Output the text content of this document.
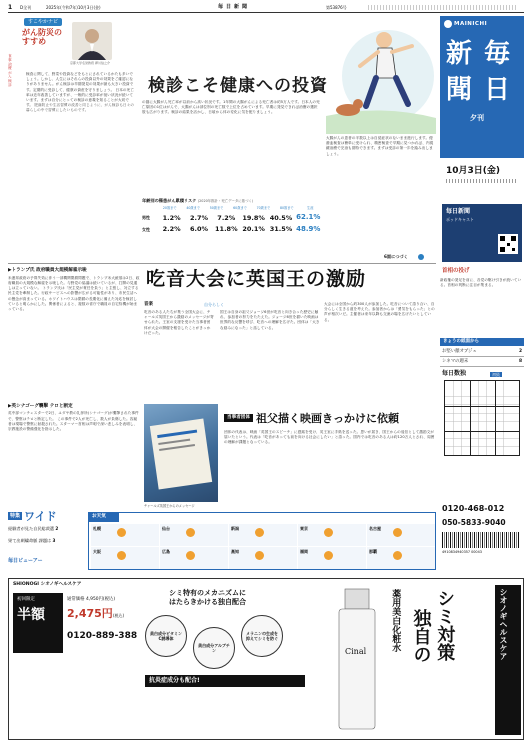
1 D全刊	2025年(令和7年)10月3日(金)	毎日新聞	第53876号
食事 治療 がん 検診
すこやかナビ
がん防災のすすめ
京都大学名誉教授 押川信之介
検査に関して、野菜や投資などをもとにされているかたも多いでしょう。しかし、人生にはそれらの投資以外の効果をご確認になりがありません。がん検診は早期発見の効果が最も大きい投資です。定期的に受診して、健康の資産を守りましょう。 日本の死亡率は近年改善していますが、一般的に受診率が低い状況が続いています。まずは自分にとっての検診の意義を知ることが大切です。 肥満防止や生活習慣の改善と同じように、がん検診も日々の暮らしの中で習慣にしたいものです。
検診こそ健康への投資
の割に大腸がん死亡率が以前から高い状況です。1年間の大腸がんによる死亡者は約5万人です。日本人の死亡原因の1位はがんで、大腸がんは部位別の死亡数で上位を占めています。早期に発見できれば治療の選択肢も広がります。検診の結果を活かし、日頃から体の変化に気を配りましょう。
大腸がんの患者の半数以上は自覚症状のないまま進行します。便潜血検査は簡単に受けられ、精密検査で早期に見つかれば、内視鏡治療で完治も期待できます。まずは受診の第一歩を踏み出しましょう。
年齢別の罹患がん累積リスク (2020年推計・死亡データに基づく)
20歳まで	40歳まで	50歳まで	60歳まで	70歳まで	80歳まで	生涯
男性	1.2%	2.7%	7.2%	19.8% 40.5% 62.1%
女性	2.2%	6.0%	11.8% 20.1% 31.5% 48.9%
6面につづく
MAINICHI
新 毎
聞 日
夕刊
10月3日(金)
毎日新聞
ポッドキャスト
▶トランプ氏 政府職員大規模解雇示唆
米連邦政府の予算失効に伴う一部機関閉鎖問題で、トランプ米大統領は2日、政府職員の大規模な解雇を示唆した。与野党の協議は続いているが、打開の見通しは立っていない。 トランプ氏は「民主党が責任を負う」と主張し、対立する民主党を牽制した。行政サービスへの影響が広がる可能性があり、市民生活への懸念が高まっている。ホワイトハウスは閉鎖の長期化に備えた対応を検討していると明らかにした。関係者によると、複数の省庁で職員の自宅待機が始まっている。
▶英シナゴーグ襲撃 テロと断定
英中部マンチェスターで2日、ユダヤ教の礼拝所(シナゴーグ)が襲撃された事件で、警察はテロと断定した。 この事件で2人が死亡し、数人が負傷した。容疑者は現場で警察に射殺された。スターマー首相は声明で深い悲しみを表明し、宗教施設の警備強化を指示した。
吃音大会に英国王の激励
音楽
吃音のある人たちが集う全国大会に、チャールズ英国王から激励のメッセージが寄せられた。王室の支援を受けた当事者団体が大会の開催を報告したことがきっかけだった。
チャールズ英国王からのメッセージ
国王は自身の祖父ジョージ6世が吃音と向き合った歴史に触れ、参加者の努力をたたえた。ジョージ6世を描いた映画は世界的な反響を呼び、吃音への理解を広げた。団体は「大きな励みになった」と話している。
自分らしく	大会には全国から約300人が参加した。吃音について語り合い、自分らしく生きる道を考えた。参加者からは「勇気をもらった」との声が相次いだ。主催者は来年以降も交流の場を広げたいとしている。
当事者団体 祖父描く映画きっかけに依頼
団体の代表は、映画「英国王のスピーチ」に感銘を受け、英王室に手紙を送った。思いが届き、国王からの返信として激励文が届いたという。代表は「吃音があっても前を向ける社会にしたい」と語った。国内では吃音のある人は約120万人とされ、周囲の理解が課題となっている。
首相の投げ
新政権の発足を前に、各党の駆け引きが続いている。首相の判断に注目が集まる。
きょうの紙面から
お堅い顔オブジェ	2
シネマの週末	8
毎日数独	初級
0120-468-012
050-5833-9040
4910834940357 00043
お天気
札幌	仙台	新潟	東京	名古屋
大阪	広島	高知	福岡	那覇
特集 ワイド
経験者が見た自民総裁選 2
果て出刺繍命脈 課題は 3
毎日ビューアー
SHIONOGI シオノギヘルスケア
初回限定
半額
通常価格 4,950円(税込)
2,475円 (税込)
0120-889-388
シミ特有のメカニズムに
はたらきかける独自配合
美白成分ビタミンC誘導体
美白成分アルブチン
メラニンの生成を抑えてシミを防ぐ
抗炎症成分も配合!
Cinal	薬用美白化粧水 独自の シミ対策	シオノギヘルスケア
